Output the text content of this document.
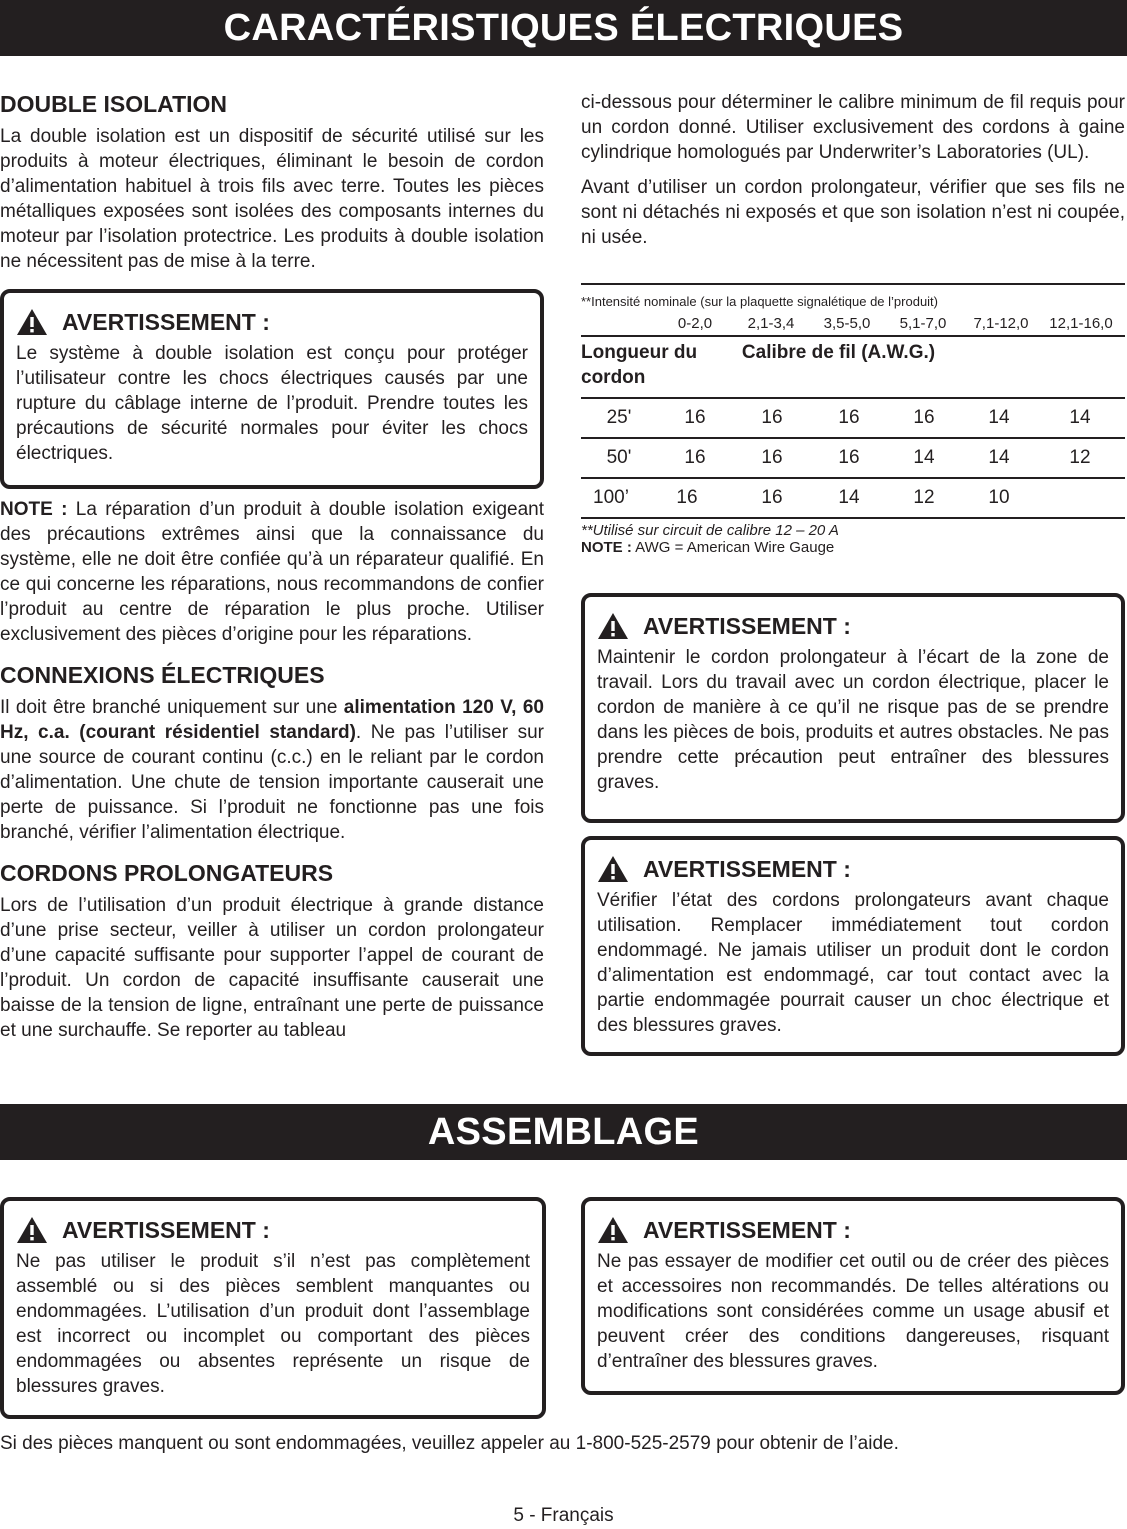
CARACTÉRISTIQUES ÉLECTRIQUES
DOUBLE ISOLATION

La double isolation est un dispositif de sécurité utilisé sur les produits à moteur électriques, éliminant le besoin de cordon d’alimentation habituel à trois fils avec terre. Toutes les pièces métalliques exposées sont isolées des composants internes du moteur par l’isolation protectrice. Les produits à double isolation ne nécessitent pas de mise à la terre.

AVERTISSEMENT :
Le système à double isolation est conçu pour protéger l’utilisateur contre les chocs électriques causés par une rupture du câblage interne de l’produit. Prendre toutes les précautions de sécurité normales pour éviter les chocs électriques.

NOTE : La réparation d’un produit à double isolation exigeant des précautions extrêmes ainsi que la connaissance du système, elle ne doit être confiée qu’à un réparateur qualifié. En ce qui concerne les réparations, nous recommandons de confier l’produit au centre de réparation le plus proche. Utiliser exclusivement des pièces d’origine pour les réparations.

CONNEXIONS ÉLECTRIQUES

Il doit être branché uniquement sur une alimentation 120 V, 60 Hz, c.a. (courant résidentiel standard). Ne pas l’utiliser sur une source de courant continu (c.c.) en le reliant par le cordon d’alimentation. Une chute de tension importante causerait une perte de puissance. Si l’produit ne fonctionne pas une fois branché, vérifier l’alimentation électrique.

CORDONS PROLONGATEURS

Lors de l’utilisation d’un produit électrique à grande distance d’une prise secteur, veiller à utiliser un cordon prolongateur d’une capacité suffisante pour supporter l’appel de courant de l’produit. Un cordon de capacité insuffisante causerait une baisse de la tension de ligne, entraînant une perte de puissance et une surchauffe. Se reporter au tableau

ci-dessous pour déterminer le calibre minimum de fil requis pour un cordon donné. Utiliser exclusivement des cordons à gaine cylindrique homologués par Underwriter’s Laboratories (UL).

Avant d’utiliser un cordon prolongateur, vérifier que ses fils ne sont ni détachés ni exposés et que son isolation n’est ni coupée, ni usée.

**Intensité nominale (sur la plaquette signalétique de l’produit)
0-2,0	2,1-3,4	3,5-5,0	5,1-7,0	7,1-12,0	12,1-16,0
Longueur du cordon
Calibre de fil (A.W.G.)
25'	16	16	16	16	14	14
50'	16	16	16	14	14	12
100’	16	16	14	12	10
**Utilisé sur circuit de calibre 12 – 20 A
NOTE : AWG = American Wire Gauge
AVERTISSEMENT :
Maintenir le cordon prolongateur à l’écart de la zone de travail. Lors du travail avec un cordon électrique, placer le cordon de manière à ce qu’il ne risque pas de se prendre dans les pièces de bois, produits et autres obstacles. Ne pas prendre cette précaution peut entraîner des blessures graves.
AVERTISSEMENT :
Vérifier l’état des cordons prolongateurs avant chaque utilisation. Remplacer immédiatement tout cordon endommagé. Ne jamais utiliser un produit dont le cordon d’alimentation est endommagé, car tout contact avec la partie endommagée pourrait causer un choc électrique et des blessures graves.
ASSEMBLAGE
AVERTISSEMENT :
Ne pas utiliser le produit s’il n’est pas complètement assemblé ou si des pièces semblent manquantes ou endommagées. L’utilisation d’un produit dont l’assemblage est incorrect ou incomplet ou comportant des pièces endommagées ou absentes représente un risque de blessures graves.
AVERTISSEMENT :
Ne pas essayer de modifier cet outil ou de créer des pièces et accessoires non recommandés. De telles altérations ou modifications sont considérées comme un usage abusif et peuvent créer des conditions dangereuses, risquant d’entraîner des blessures graves.
Si des pièces manquent ou sont endommagées, veuillez appeler au 1-800-525-2579 pour obtenir de l’aide.
5 - Français
